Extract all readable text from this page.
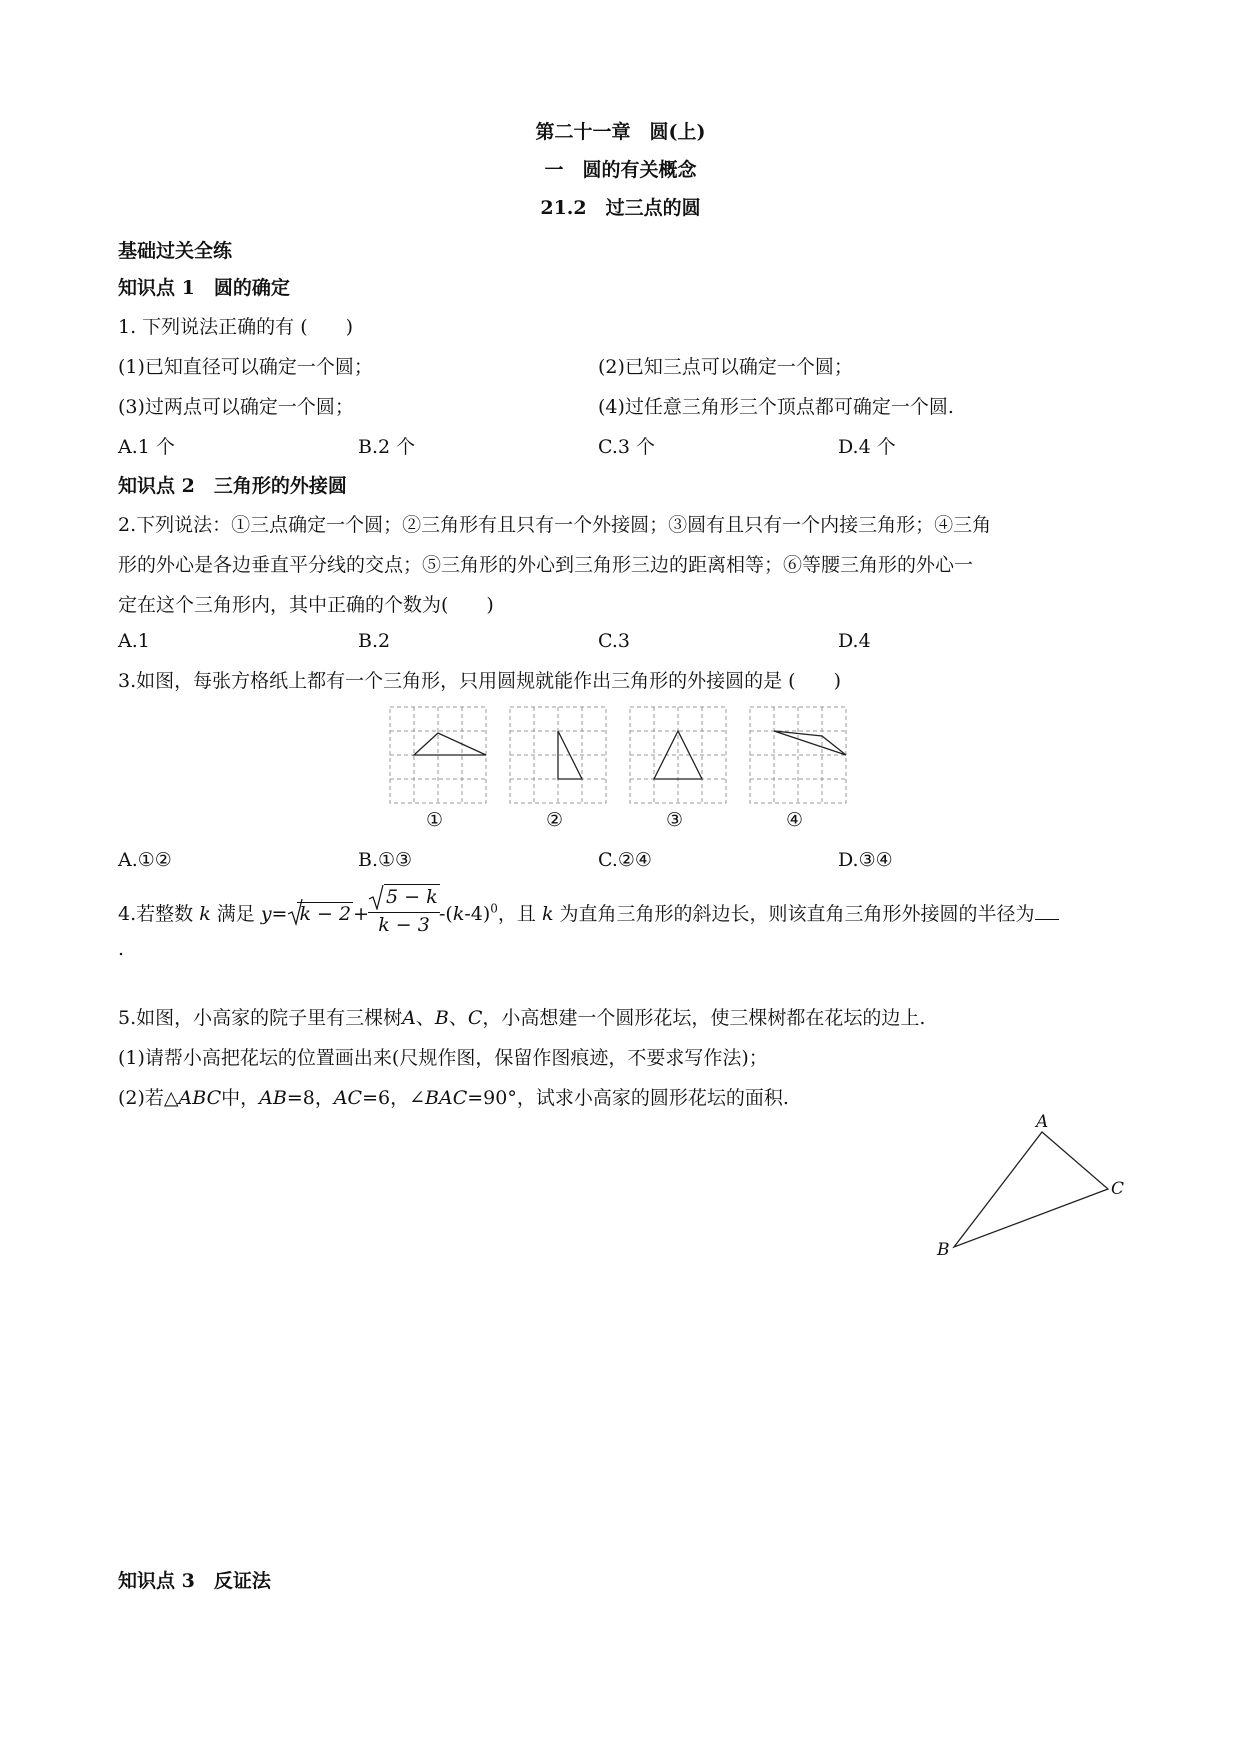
第二十一章　圆(上)
一　圆的有关概念
21.2　过三点的圆
基础过关全练
知识点 1　圆的确定
1. 下列说法正确的有 (　　)
(1)已知直径可以确定一个圆；	(2)已知三点可以确定一个圆；
(3)过两点可以确定一个圆；	(4)过任意三角形三个顶点都可确定一个圆.
A.1 个	B.2 个	C.3 个	D.4 个
知识点 2　三角形的外接圆
2.下列说法：①三点确定一个圆；②三角形有且只有一个外接圆；③圆有且只有一个内接三角形；④三角
形的外心是各边垂直平分线的交点；⑤三角形的外心到三角形三边的距离相等；⑥等腰三角形的外心一
定在这个三角形内，其中正确的个数为(　　)
A.1	B.2	C.3	D.4
3.如图，每张方格纸上都有一个三角形，只用圆规就能作出三角形的外接圆的是 (　　)
①	②	③	④
A.①②	B.①③	C.②④	D.③④
4.若整数 k 满足 y= k − 2 +	$-(k-4)^0$，且 k 为直角三角形的斜边长，则该直角三角形外接圆的半径为
5 − k
k − 3
.
5.如图，小高家的院子里有三棵树A、B、C，小高想建一个圆形花坛，使三棵树都在花坛的边上.
(1)请帮小高把花坛的位置画出来(尺规作图，保留作图痕迹，不要求写作法)；
(2)若△ABC中，AB=8，AC=6，∠BAC=90°，试求小高家的圆形花坛的面积.
A
C
B
知识点 3　反证法
